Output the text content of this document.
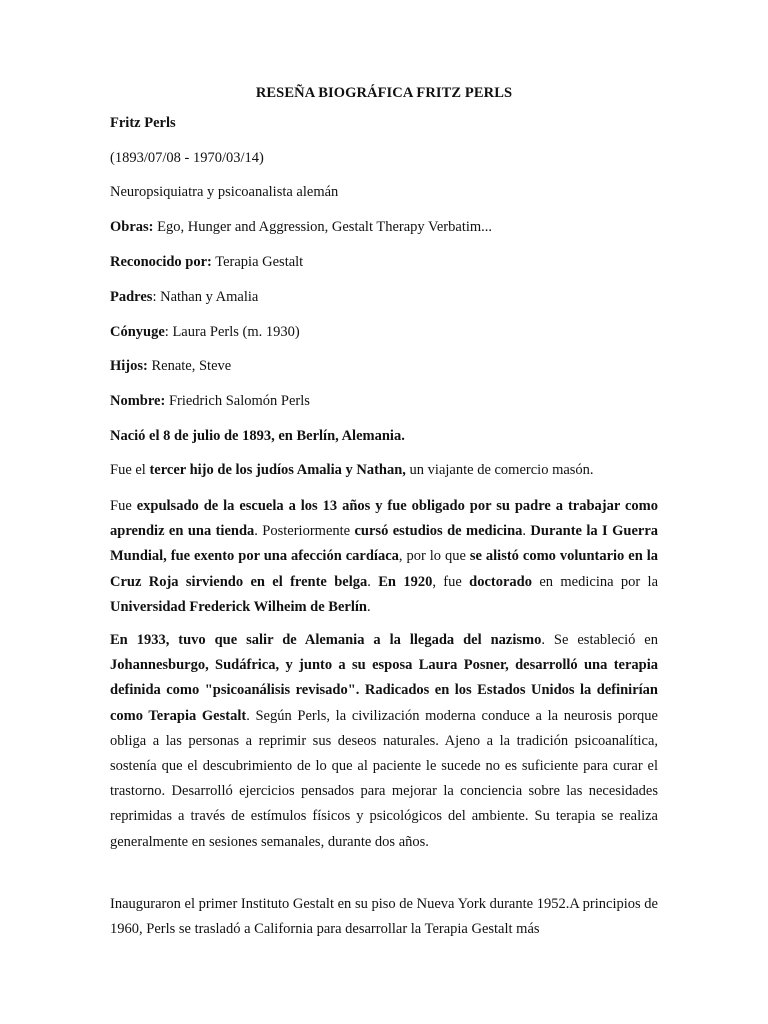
RESEÑA BIOGRÁFICA FRITZ PERLS
Fritz Perls
(1893/07/08 - 1970/03/14)
Neuropsiquiatra y psicoanalista alemán
Obras: Ego, Hunger and Aggression, Gestalt Therapy Verbatim...
Reconocido por: Terapia Gestalt
Padres: Nathan y Amalia
Cónyuge: Laura Perls (m. 1930)
Hijos: Renate, Steve
Nombre: Friedrich Salomón Perls
Nació el 8 de julio de 1893, en Berlín, Alemania.
Fue el tercer hijo de los judíos Amalia y Nathan, un viajante de comercio masón.
Fue expulsado de la escuela a los 13 años y fue obligado por su padre a trabajar como aprendiz en una tienda. Posteriormente cursó estudios de medicina. Durante la I Guerra Mundial, fue exento por una afección cardíaca, por lo que se alistó como voluntario en la Cruz Roja sirviendo en el frente belga. En 1920, fue doctorado en medicina por la Universidad Frederick Wilheim de Berlín.
En 1933, tuvo que salir de Alemania a la llegada del nazismo. Se estableció en Johannesburgo, Sudáfrica, y junto a su esposa Laura Posner, desarrolló una terapia definida como "psicoanálisis revisado". Radicados en los Estados Unidos la definirían como Terapia Gestalt. Según Perls, la civilización moderna conduce a la neurosis porque obliga a las personas a reprimir sus deseos naturales. Ajeno a la tradición psicoanalítica, sostenía que el descubrimiento de lo que al paciente le sucede no es suficiente para curar el trastorno. Desarrolló ejercicios pensados para mejorar la conciencia sobre las necesidades reprimidas a través de estímulos físicos y psicológicos del ambiente. Su terapia se realiza generalmente en sesiones semanales, durante dos años.
Inauguraron el primer Instituto Gestalt en su piso de Nueva York durante 1952.A principios de 1960, Perls se trasladó a California para desarrollar la Terapia Gestalt más
